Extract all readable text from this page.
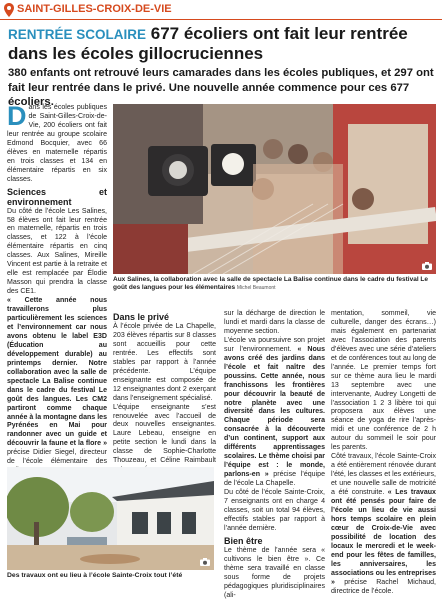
SAINT-GILLES-CROIX-DE-VIE
RENTRÉE SCOLAIRE 677 écoliers ont fait leur rentrée dans les écoles gillocruciennes
380 enfants ont retrouvé leurs camarades dans les écoles publiques, et 297 ont fait leur rentrée dans le privé. Une nouvelle année commence pour ces 677 écoliers.

Dans les écoles publiques de Saint-Gilles-Croix-de-Vie, 200 écoliers ont fait leur rentrée au groupe scolaire Edmond Bocquier, avec 66 élèves en maternelle répartis en trois classes et 134 en élémentaire répartis en six classes.

Sciences et environnement

Du côté de l’école Les Salines, 58 élèves ont fait leur rentrée en maternelle, répartis en trois classes, et 122 à l’école élémentaire répartis en cinq classes. Aux Salines, Mireille Vincent est partie à la retraite et elle est remplacée par Élodie Masson qui prendra la classe des CE1.

« Cette année nous travaillerons plus particulièrement les sciences et l’environnement car nous avons obtenu le label E3D (Éducation au développement durable) au printemps dernier. Notre collaboration avec la salle de spectacle La Balise continue dans le cadre du festival Le goût des langues. Les CM2 partiront comme chaque année à la montagne dans les Pyrénées en Mai pour randonner avec un guide et découvrir la faune et la flore » précise Didier Siegel, directeur de l’école élémentaire des

Aux Salines, la collaboration avec la salle de spectacle La Balise continue dans le cadre du festival Le goût des langues pour les élémentaires Michel Beaumont
Dans le privé

À l’école privée de La Chapelle, 203 élèves répartis sur 8 classes sont accueillis pour cette rentrée. Les effectifs sont stables par rapport à l’année précédente. L’équipe enseignante est composée de 12 enseignantes dont 2 exerçant dans l’enseignement spécialisé.

L’équipe enseignante s’est renouvelée avec l’accueil de deux nouvelles enseignantes. Laure Lebeau, enseigne en petite section le lundi dans la classe de Sophie-Charlotte Thouzeau, et Céline Raimbault

sur la décharge de direction le lundi et mardi dans la classe de moyenne section.

L’école va poursuivre son projet sur l’environnement. « Nous avons créé des jardins dans l’école et fait naître des poussins. Cette année, nous franchissons les frontières pour découvrir la beauté de notre planète avec une diversité dans les cultures. Chaque période sera consacrée à la découverte d’un continent, support aux différents apprentissages scolaires. Le thème choisi par l’équipe est : le monde, parlons-en » précise l’équipe de l’école La Chapelle.

Du côté de l’école Sainte-Croix, 7 enseignants ont en charge 4 classes, soit un total 94 élèves, effectifs stables par rapport à l’année dernière.

Bien être

Le thème de l’année sera « cultivons le bien être ». Ce thème sera travaillé en classe sous forme de projets pédagogiques pluridisciplinaires (ali-

mentation, sommeil, vie culturelle, danger des écrans…) mais également en partenariat avec l’association des parents d’élèves avec une série d’ateliers et de conférences tout au long de l’année. Le premier temps fort sur ce thème aura lieu le mardi 13 septembre avec une intervenante, Audrey Longetti de l’association 1 2 3 libère toi qui proposera aux élèves une séance de yoga de rire l’après-midi et une conférence de 2 h autour du sommeil le soir pour les parents.

Côté travaux, l’école Sainte-Croix a été entièrement rénovée durant l’été, les classes et les extérieurs, et une nouvelle salle de motricité a été construite. « Les travaux ont été pensés pour faire de l’école un lieu de vie aussi hors temps scolaire en plein cœur de Croix-de-Vie avec possibilité de location des locaux le mercredi et le week-end pour les fêtes de familles, les anniversaires, les associations ou les entreprises » précise Rachel Michaud, directrice de l’école.

Des travaux ont eu lieu à l’école Sainte-Croix tout l’été
